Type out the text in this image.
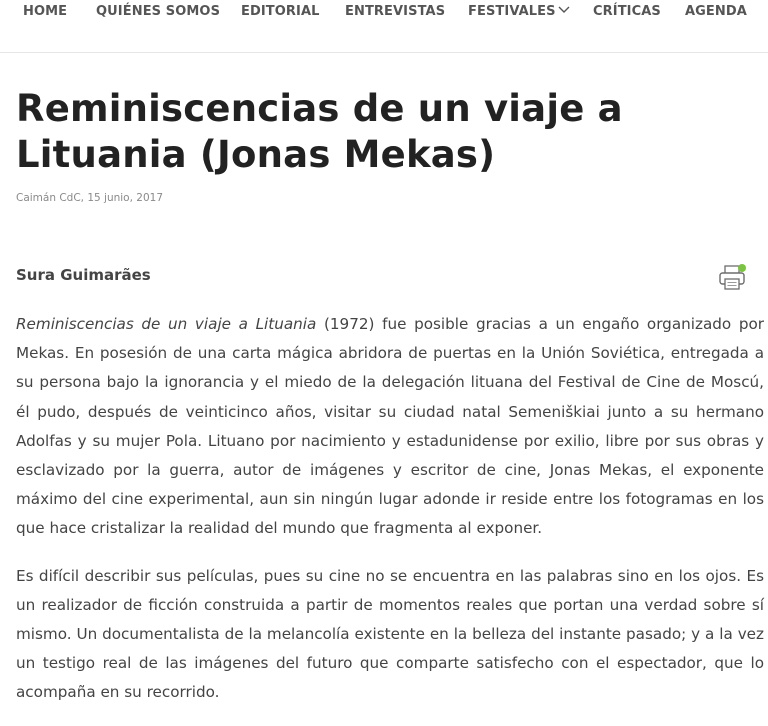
HOME QUIÉNES SOMOS EDITORIAL ENTREVISTAS FESTIVALES	CRÍTICAS AGENDA
Reminiscencias de un viaje a Lituania (Jonas Mekas)
Caimán CdC, 15 junio, 2017
Sura Guimarães

Reminiscencias de un viaje a Lituania (1972) fue posible gracias a un engaño organizado por Mekas. En posesión de una carta mágica abridora de puertas en la Unión Soviética, entregada a su persona bajo la ignorancia y el miedo de la delegación lituana del Festival de Cine de Moscú, él pudo, después de veinticinco años, visitar su ciudad natal Semeniškiai junto a su hermano Adolfas y su mujer Pola. Lituano por nacimiento y estadunidense por exilio, libre por sus obras y esclavizado por la guerra, autor de imágenes y escritor de cine, Jonas Mekas, el exponente máximo del cine experimental, aun sin ningún lugar adonde ir reside entre los fotogramas en los que hace cristalizar la realidad del mundo que fragmenta al exponer.

Es difícil describir sus películas, pues su cine no se encuentra en las palabras sino en los ojos. Es un realizador de ficción construida a partir de momentos reales que portan una verdad sobre sí mismo. Un documentalista de la melancolía existente en la belleza del instante pasado; y a la vez un testigo real de las imágenes del futuro que comparte satisfecho con el espectador, que lo acompaña en su recorrido.
